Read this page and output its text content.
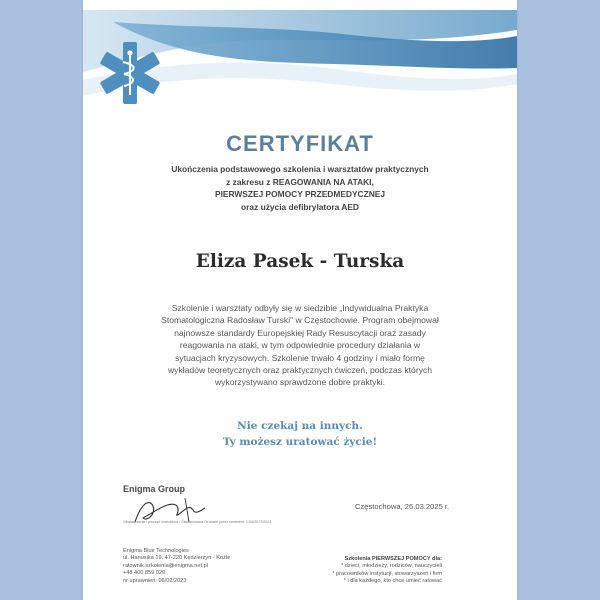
CERTYFIKAT
Ukończenia podstawowego szkolenia i warsztatów praktycznych
z zakresu z REAGOWANIA NA ATAKI,
PIERWSZEJ POMOCY PRZEDMEDYCZNEJ
oraz użycia defibrylatora AED
Eliza Pasek - Turska
Szkolenie i warsztaty odbyły się w siedzibie „Indywidualna Praktyka
Stomatologiczna Radosław Turski" w Częstochowie. Program obejmował
najnowsze standardy Europejskiej Rady Resuscytacji oraz zasady
reagowania na ataki, w tym odpowiednie procedury działania w
sytuacjach kryzysowych. Szkolenie trwało 4 godziny i miało formę
wykładów teoretycznych oraz praktycznych ćwiczeń, podczas których
wykorzystywano sprawdzone dobre praktyki.
Nie czekaj na innych.
Ty możesz uratować życie!
Enigma Group
Oświadczenie i pieczęć Instruktora / Szkoleniowca / Kurator przez numerem: C3U/2077/2024
Częstochowa, 26.03.2025 r.
Enigma Blue Technologies
ul. Hanusika 19, 47-220 Kędzierzyn - Koźle
ratownik.szkolenia@enigma.net.pl
+48 400 859 020
nr uprawnień: 06/02/2023
Szkolenia PIERWSZEJ POMOCY dla:
* dzieci, młodzieży, rodziców, nauczycieli
* pracowników instytucji, stowarzyszeń i firm
* i dla każdego, kto chce umieć ratować
